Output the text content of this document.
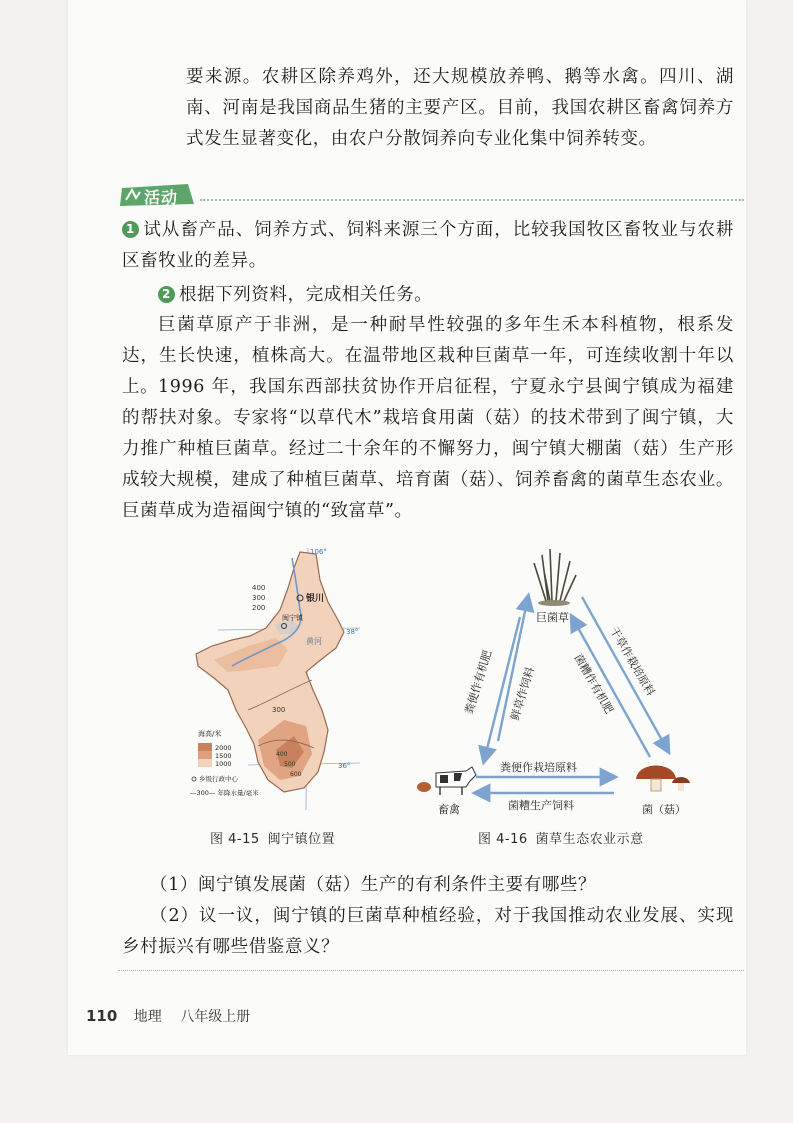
要来源。农耕区除养鸡外，还大规模放养鸭、鹅等水禽。四川、湖南、河南是我国商品生猪的主要产区。目前，我国农耕区畜禽饲养方式发生显著变化，由农户分散饲养向专业化集中饲养转变。

活动

1 试从畜产品、饲养方式、饲料来源三个方面，比较我国牧区畜牧业与农耕区畜牧业的差异。

2 根据下列资料，完成相关任务。

巨菌草原产于非洲，是一种耐旱性较强的多年生禾本科植物，根系发达，生长快速，植株高大。在温带地区栽种巨菌草一年，可连续收割十年以上。 1996 年，我国东西部扶贫协作开启征程，宁夏永宁县闽宁镇成为福建的帮扶对象。专家将“以草代木”栽培食用菌（菇）的技术带到了闽宁镇，大力推广种植巨菌草。经过二十余年的不懈努力，闽宁镇大棚菌（菇）生产形成较大规模，建成了种植巨菌草、培育菌（菇）、饲养畜禽的菌草生态农业。巨菌草成为造福闽宁镇的“致富草”。

106°
38°
36°
银川
闽宁镇
黄河
400
300
200
300
400
500
600
海高/米
2000
1500
1000
乡级行政中心
—300— 年降水量/毫米
巨菌草
粪便作有机肥 鲜草作饲料	干草作栽培原料
菌糟作有机肥
粪便作栽培原料
菌糟生产饲料
畜禽	菌（菇）
图 4-15 闽宁镇位置	图 4-16 菌草生态农业示意

（1）闽宁镇发展菌（菇）生产的有利条件主要有哪些？

（2）议一议，闽宁镇的巨菌草种植经验，对于我国推动农业发展、实现乡村振兴有哪些借鉴意义？

110 地理 八年级上册
